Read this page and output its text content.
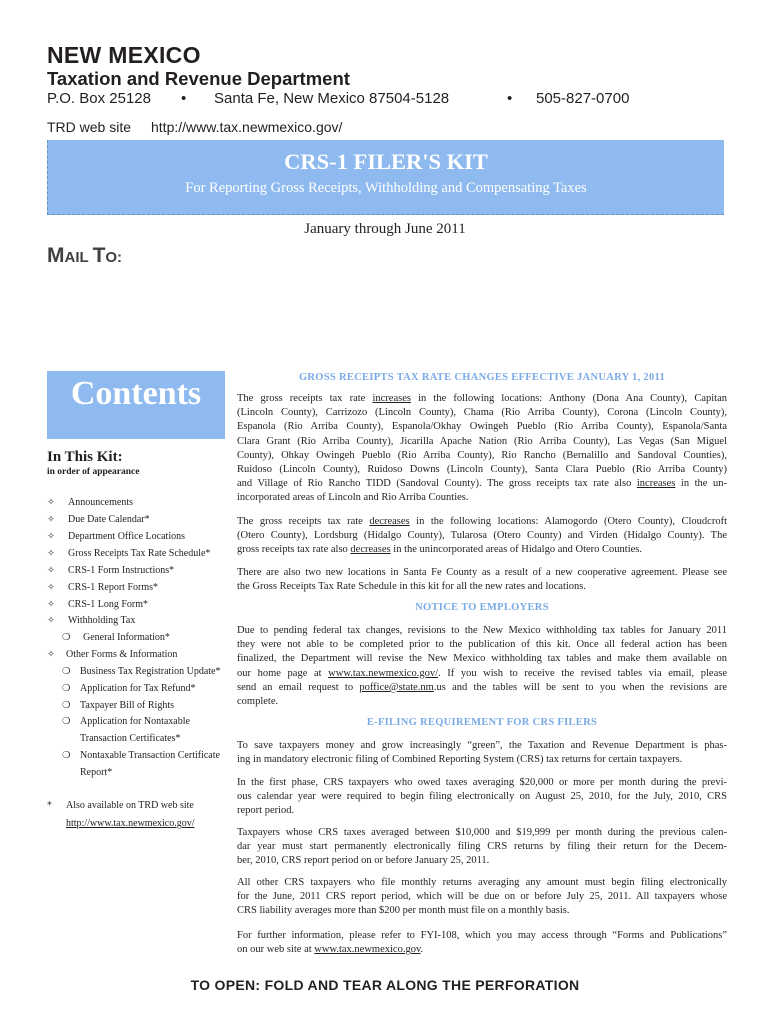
NEW MEXICO
Taxation and Revenue Department
P.O. Box 25128 • Santa Fe, New Mexico 87504-5128	• 505-827-0700
TRD web site http://www.tax.newmexico.gov/
CRS-1 FILER'S KIT
For Reporting Gross Receipts, Withholding and Compensating Taxes
January through June 2011
MAIL TO:
Contents
In This Kit:
in order of appearance
✧ Announcements
✧ Due Date Calendar*
✧ Department Office Locations
✧ Gross Receipts Tax Rate Schedule*
✧ CRS-1 Form Instructions*
✧ CRS-1 Report Forms*
✧ CRS-1 Long Form*
✧ Withholding Tax
❍ General Information*
✧ Other Forms & Information
❍ Business Tax Registration Update*
❍ Application for Tax Refund*
❍ Taxpayer Bill of Rights
❍ Application for Nontaxable
Transaction Certificates*
❍ Nontaxable Transaction Certificate
Report*
* Also available on TRD web site
http://www.tax.newmexico.gov/
GROSS RECEIPTS TAX RATE CHANGES EFFECTIVE JANUARY 1, 2011
The gross receipts tax rate increases in the following locations: Anthony (Dona Ana County), Capitan
(Lincoln County), Carrizozo (Lincoln County), Chama (Rio Arriba County), Corona (Lincoln County),
Espanola (Rio Arriba County), Espanola/Okhay Owingeh Pueblo (Rio Arriba County), Espanola/Santa
Clara Grant (Rio Arriba County), Jicarilla Apache Nation (Rio Arriba County), Las Vegas (San Miguel
County), Ohkay Owingeh Pueblo (Rio Arriba County), Rio Rancho (Bernalillo and Sandoval Counties),
Ruidoso (Lincoln County), Ruidoso Downs (Lincoln County), Santa Clara Pueblo (Rio Arriba County)
and Village of Rio Rancho TIDD (Sandoval County). The gross receipts tax rate also increases in the un-
incorporated areas of Lincoln and Rio Arriba Counties.
The gross receipts tax rate decreases in the following locations: Alamogordo (Otero County), Cloudcroft
(Otero County), Lordsburg (Hidalgo County), Tularosa (Otero County) and Virden (Hidalgo County). The
gross receipts tax rate also decreases in the unincorporated areas of Hidalgo and Otero Counties.
There are also two new locations in Santa Fe County as a result of a new cooperative agreement. Please see
the Gross Receipts Tax Rate Schedule in this kit for all the new rates and locations.
NOTICE TO EMPLOYERS
Due to pending federal tax changes, revisions to the New Mexico withholding tax tables for January 2011
they were not able to be completed prior to the publication of this kit. Once all federal action has been
finalized, the Department will revise the New Mexico withholding tax tables and make them available on
our home page at www.tax.newmexico.gov/. If you wish to receive the revised tables via email, please
send an email request to poffice@state.nm.us and the tables will be sent to you when the revisions are
complete.
E-FILING REQUIREMENT FOR CRS FILERS
To save taxpayers money and grow increasingly “green”, the Taxation and Revenue Department is phas-
ing in mandatory electronic filing of Combined Reporting System (CRS) tax returns for certain taxpayers.
In the first phase, CRS taxpayers who owed taxes averaging $20,000 or more per month during the previ-
ous calendar year were required to begin filing electronically on August 25, 2010, for the July, 2010, CRS
report period.
Taxpayers whose CRS taxes averaged between $10,000 and $19,999 per month during the previous calen-
dar year must start permanently electronically filing CRS returns by filing their return for the Decem-
ber, 2010, CRS report period on or before January 25, 2011.
All other CRS taxpayers who file monthly returns averaging any amount must begin filing electronically
for the June, 2011 CRS report period, which will be due on or before July 25, 2011. All taxpayers whose
CRS liability averages more than $200 per month must file on a monthly basis.
For further information, please refer to FYI-108, which you may access through “Forms and Publications”
on our web site at www.tax.newmexico.gov.
TO OPEN: FOLD AND TEAR ALONG THE PERFORATION
